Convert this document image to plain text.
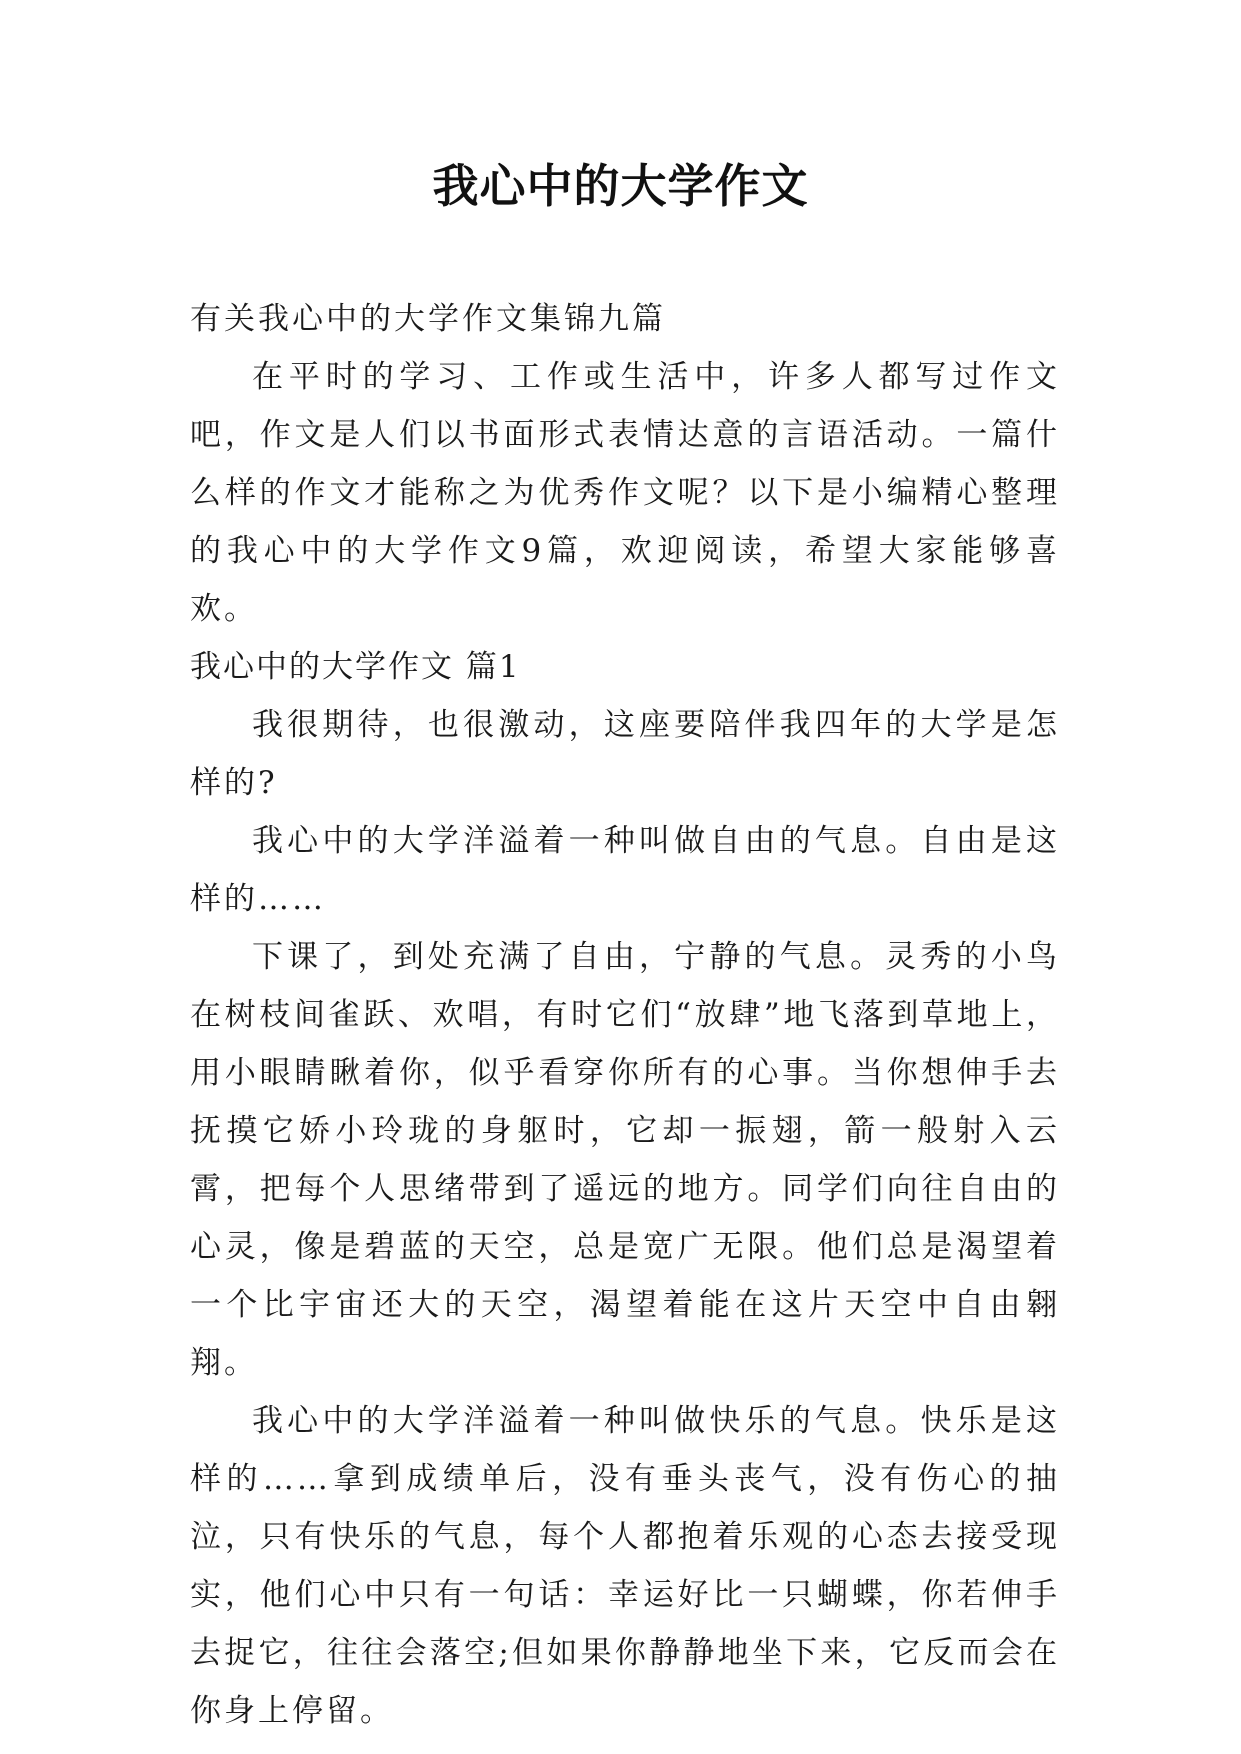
我心中的大学作文

有关我心中的大学作文集锦九篇

在平时的学习、工作或生活中，许多人都写过作文吧，作文是人们以书面形式表情达意的言语活动。一篇什么样的作文才能称之为优秀作文呢？以下是小编精心整理的我心中的大学作文9篇，欢迎阅读，希望大家能够喜欢。

我心中的大学作文 篇1

我很期待，也很激动，这座要陪伴我四年的大学是怎样的?

我心中的大学洋溢着一种叫做自由的气息。自由是这样的……

下课了，到处充满了自由，宁静的气息。灵秀的小鸟在树枝间雀跃、欢唱，有时它们“放肆”地飞落到草地上，用小眼睛瞅着你，似乎看穿你所有的心事。当你想伸手去抚摸它娇小玲珑的身躯时，它却一振翅，箭一般射入云霄，把每个人思绪带到了遥远的地方。同学们向往自由的心灵，像是碧蓝的天空，总是宽广无限。他们总是渴望着一个比宇宙还大的天空，渴望着能在这片天空中自由翱翔。

我心中的大学洋溢着一种叫做快乐的气息。快乐是这样的……拿到成绩单后，没有垂头丧气，没有伤心的抽泣，只有快乐的气息，每个人都抱着乐观的心态去接受现实，他们心中只有一句话：幸运好比一只蝴蝶，你若伸手去捉它，往往会落空;但如果你静静地坐下来，它反而会在你身上停留。
